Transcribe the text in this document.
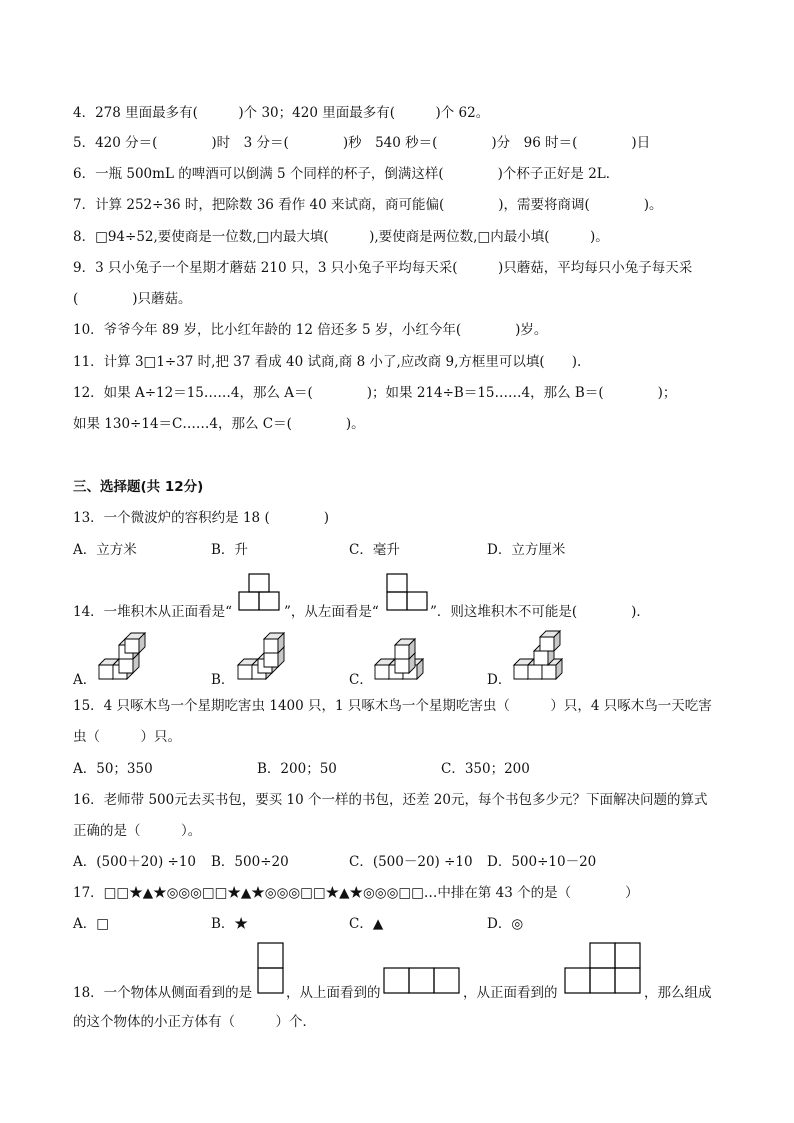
4．278 里面最多有(　　　)个 30；420 里面最多有(　　　)个 62。
5．420 分＝(　　　　)时　3 分＝(　　　　)秒　540 秒＝(　　　　)分　96 时＝(　　　　)日
6．一瓶 500mL 的啤酒可以倒满 5 个同样的杯子，倒满这样(　　　　)个杯子正好是 2L．
7．计算 252÷36 时，把除数 36 看作 40 来试商，商可能偏(　　　　)，需要将商调(　　　　)。
8．□94÷52,要使商是一位数,□内最大填(　　　),要使商是两位数,□内最小填(　　　)。
9．3 只小兔子一个星期才蘑菇 210 只，3 只小兔子平均每天采(　　　)只蘑菇，平均每只小兔子每天采
(　　　　)只蘑菇。
10．爷爷今年 89 岁，比小红年龄的 12 倍还多 5 岁，小红今年(　　　　)岁。
11．计算 3□1÷37 时,把 37 看成 40 试商,商 8 小了,应改商 9,方框里可以填(　　).
12．如果 A÷12＝15……4，那么 A＝(　　　　)；如果 214÷B＝15……4，那么 B＝(　　　　)；
如果 130÷14＝C……4，那么 C＝(　　　　)。
三、选择题(共 12分)
13．一个微波炉的容积约是 18 (　　　　)
A．立方米	B．升	C．毫升	D．立方厘米
14．一堆积木从正面看是“	”，从左面看是“	”．则这堆积木不可能是(　　　　)．
A．	B．	C．	D．
15．4 只啄木鸟一个星期吃害虫 1400 只，1 只啄木鸟一个星期吃害虫（　　　）只，4 只啄木鸟一天吃害
虫（　　　）只。
A．50；350	B．200；50	C．350；200
16．老师带 500元去买书包，要买 10 个一样的书包，还差 20元，每个书包多少元？下面解决问题的算式
正确的是（　　　）。
A．(500＋20) ÷10 B．500÷20	C．(500－20) ÷10 D．500÷10－20
17．□□★▲★◎◎◎□□★▲★◎◎◎□□★▲★◎◎◎□□…中排在第 43 个的是（　　　　）
A．□	B．★	C．▲	D．◎
18．一个物体从侧面看到的是	，从上面看到的	，从正面看到的	，那么组成
的这个物体的小正方体有（　　　）个．
